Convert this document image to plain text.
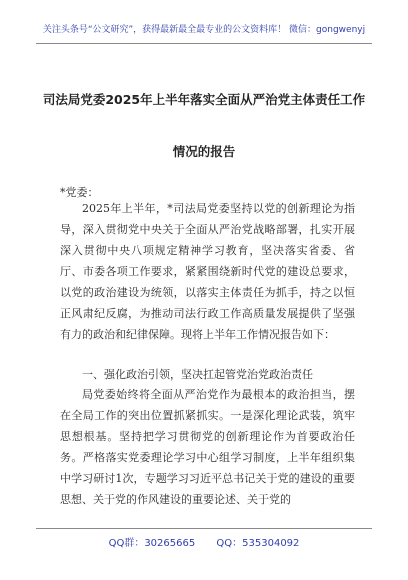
关注头条号“公文研究”，获得最新最全最专业的公文资料库！ 微信：gongwenyj
司法局党委2025年上半年落实全面从严治党主体责任工作
情况的报告
*党委：
2025年上半年，*司法局党委坚持以党的创新理论为指导，深入贯彻党中央关于全面从严治党战略部署，扎实开展深入贯彻中央八项规定精神学习教育，坚决落实省委、省厅、市委各项工作要求，紧紧围绕新时代党的建设总要求，以党的政治建设为统领，以落实主体责任为抓手，持之以恒正风肃纪反腐，为推动司法行政工作高质量发展提供了坚强有力的政治和纪律保障。现将上半年工作情况报告如下：
一、强化政治引领，坚决扛起管党治党政治责任
局党委始终将全面从严治党作为最根本的政治担当，摆在全局工作的突出位置抓紧抓实。一是深化理论武装，筑牢思想根基。坚持把学习贯彻党的创新理论作为首要政治任务。严格落实党委理论学习中心组学习制度，上半年组织集中学习研讨1次，专题学习习近平总书记关于党的建设的重要思想、关于党的作风建设的重要论述、关于党的
QQ群：30265665 QQ：535304092
